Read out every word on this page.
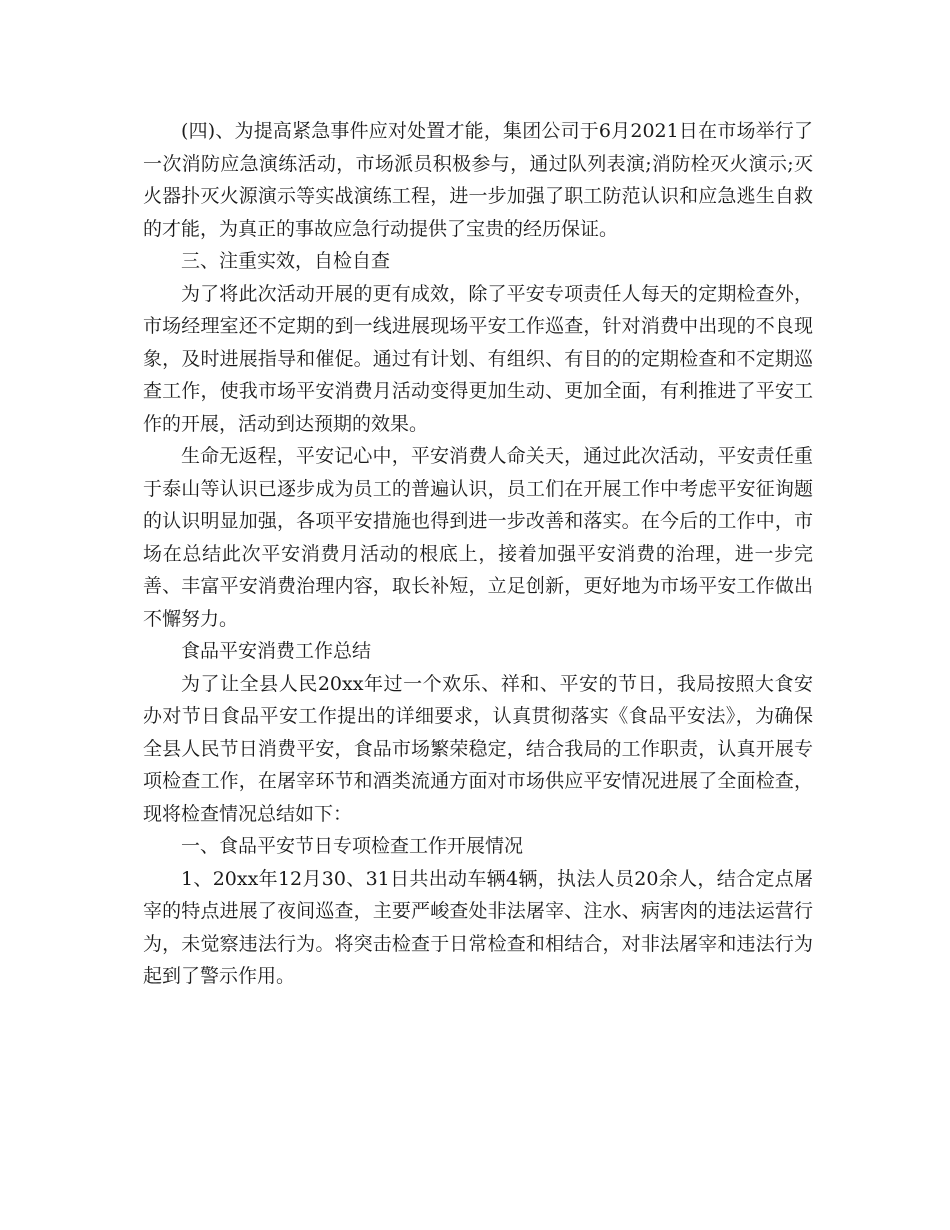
(四)、为提高紧急事件应对处置才能，集团公司于6月2021日在市场举行了一次消防应急演练活动，市场派员积极参与，通过队列表演;消防栓灭火演示;灭火器扑灭火源演示等实战演练工程，进一步加强了职工防范认识和应急逃生自救的才能，为真正的事故应急行动提供了宝贵的经历保证。

三、注重实效，自检自查

为了将此次活动开展的更有成效，除了平安专项责任人每天的定期检查外，市场经理室还不定期的到一线进展现场平安工作巡查，针对消费中出现的不良现象，及时进展指导和催促。通过有计划、有组织、有目的的定期检查和不定期巡查工作，使我市场平安消费月活动变得更加生动、更加全面，有利推进了平安工作的开展，活动到达预期的效果。

生命无返程，平安记心中，平安消费人命关天，通过此次活动，平安责任重于泰山等认识已逐步成为员工的普遍认识，员工们在开展工作中考虑平安征询题的认识明显加强，各项平安措施也得到进一步改善和落实。在今后的工作中，市场在总结此次平安消费月活动的根底上，接着加强平安消费的治理，进一步完善、丰富平安消费治理内容，取长补短，立足创新，更好地为市场平安工作做出不懈努力。

食品平安消费工作总结

为了让全县人民20xx年过一个欢乐、祥和、平安的节日，我局按照大食安办对节日食品平安工作提出的详细要求，认真贯彻落实《食品平安法》，为确保全县人民节日消费平安，食品市场繁荣稳定，结合我局的工作职责，认真开展专项检查工作，在屠宰环节和酒类流通方面对市场供应平安情况进展了全面检查，现将检查情况总结如下：

一、食品平安节日专项检查工作开展情况

1、20xx年12月30、31日共出动车辆4辆，执法人员20余人，结合定点屠宰的特点进展了夜间巡查，主要严峻查处非法屠宰、注水、病害肉的违法运营行为，未觉察违法行为。将突击检查于日常检查和相结合，对非法屠宰和违法行为起到了警示作用。
